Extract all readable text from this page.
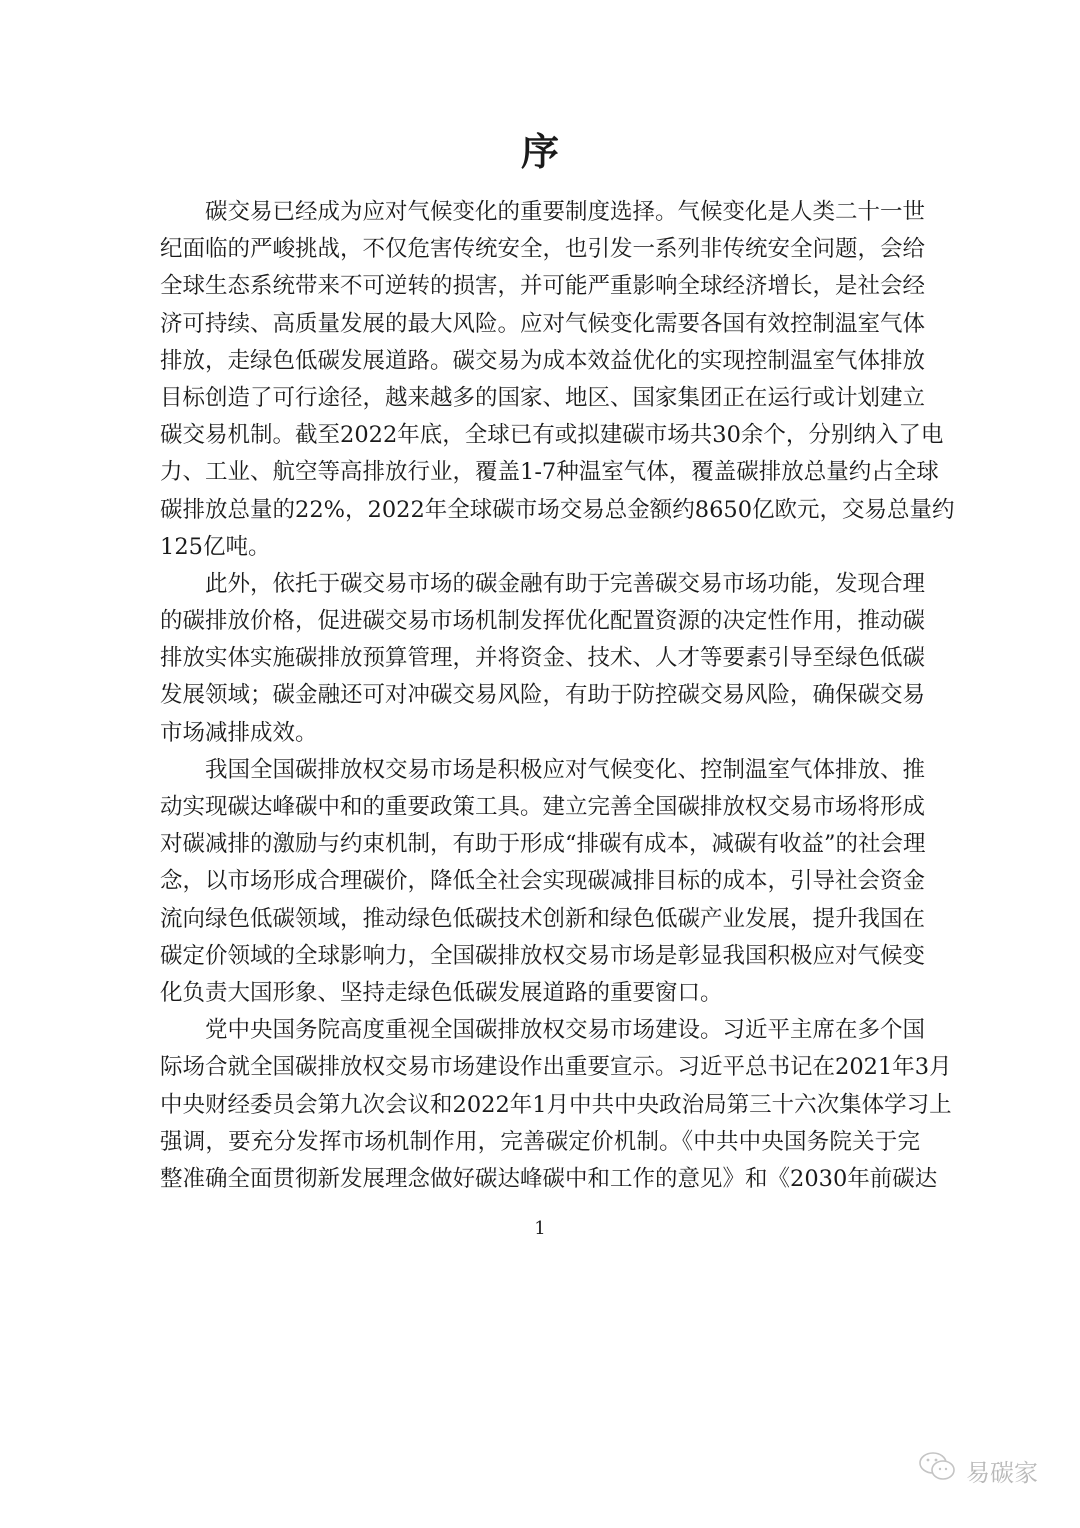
序
碳交易已经成为应对气候变化的重要制度选择。气候变化是人类二十一世
纪面临的严峻挑战，不仅危害传统安全，也引发一系列非传统安全问题，会给
全球生态系统带来不可逆转的损害，并可能严重影响全球经济增长，是社会经
济可持续、高质量发展的最大风险。应对气候变化需要各国有效控制温室气体
排放，走绿色低碳发展道路。碳交易为成本效益优化的实现控制温室气体排放
目标创造了可行途径，越来越多的国家、地区、国家集团正在运行或计划建立
碳交易机制。截至2022年底，全球已有或拟建碳市场共30余个，分别纳入了电
力、工业、航空等高排放行业，覆盖1-7种温室气体，覆盖碳排放总量约占全球
碳排放总量的22%，2022年全球碳市场交易总金额约8650亿欧元，交易总量约
125亿吨。
此外，依托于碳交易市场的碳金融有助于完善碳交易市场功能，发现合理
的碳排放价格，促进碳交易市场机制发挥优化配置资源的决定性作用，推动碳
排放实体实施碳排放预算管理，并将资金、技术、人才等要素引导至绿色低碳
发展领域；碳金融还可对冲碳交易风险，有助于防控碳交易风险，确保碳交易
市场减排成效。
我国全国碳排放权交易市场是积极应对气候变化、控制温室气体排放、推
动实现碳达峰碳中和的重要政策工具。建立完善全国碳排放权交易市场将形成
对碳减排的激励与约束机制，有助于形成“排碳有成本，减碳有收益”的社会理
念，以市场形成合理碳价，降低全社会实现碳减排目标的成本，引导社会资金
流向绿色低碳领域，推动绿色低碳技术创新和绿色低碳产业发展，提升我国在
碳定价领域的全球影响力，全国碳排放权交易市场是彰显我国积极应对气候变
化负责大国形象、坚持走绿色低碳发展道路的重要窗口。
党中央国务院高度重视全国碳排放权交易市场建设。习近平主席在多个国
际场合就全国碳排放权交易市场建设作出重要宣示。习近平总书记在2021年3月
中央财经委员会第九次会议和2022年1月中共中央政治局第三十六次集体学习上
强调，要充分发挥市场机制作用，完善碳定价机制。《中共中央国务院关于完
整准确全面贯彻新发展理念做好碳达峰碳中和工作的意见》和《2030年前碳达
1
易碳家
